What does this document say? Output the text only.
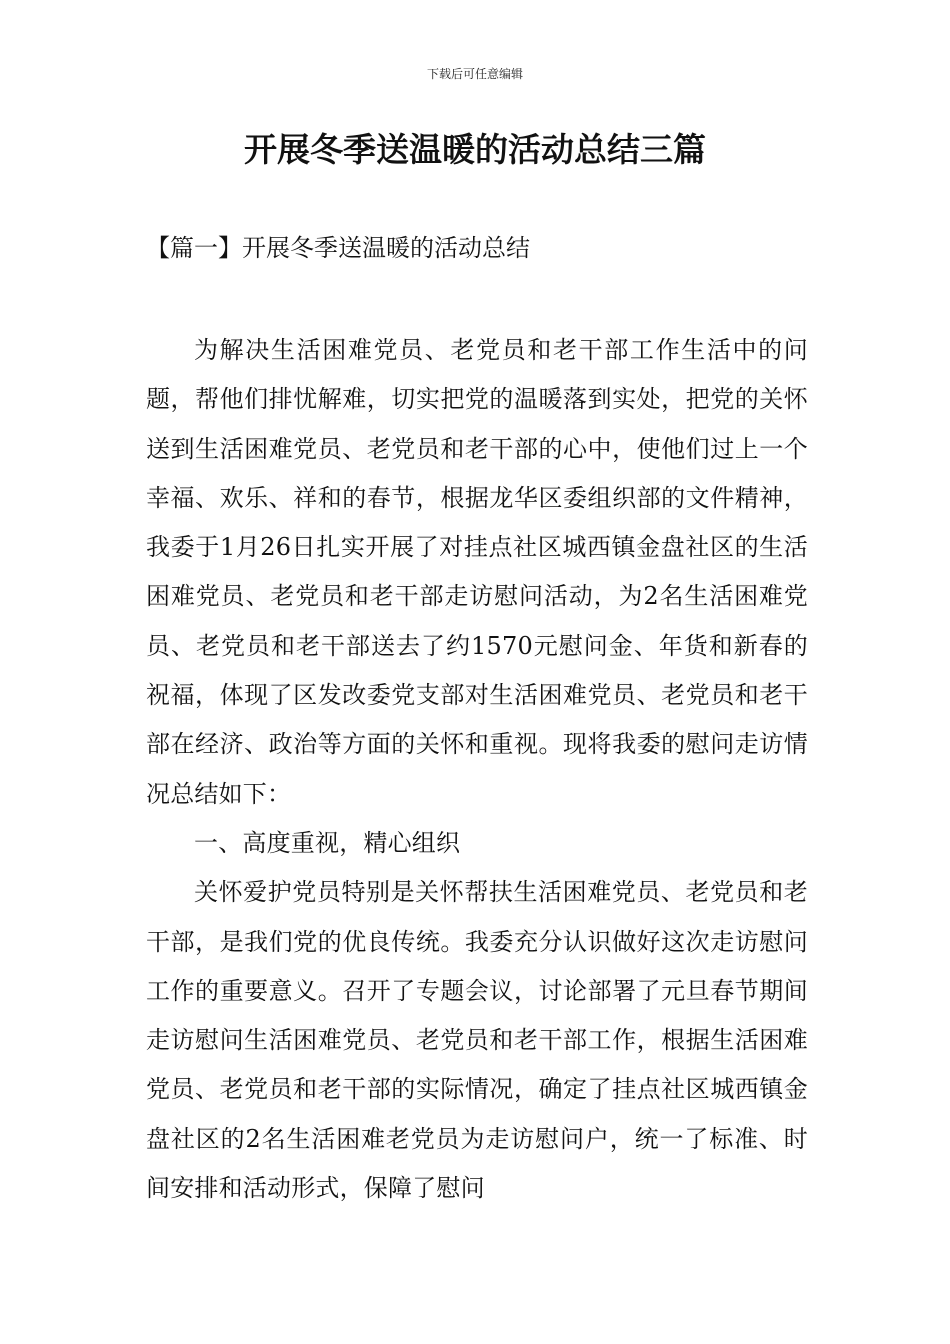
下载后可任意编辑
开展冬季送温暖的活动总结三篇
【篇一】开展冬季送温暖的活动总结

为解决生活困难党员、老党员和老干部工作生活中的问题，帮他们排忧解难，切实把党的温暖落到实处，把党的关怀送到生活困难党员、老党员和老干部的心中，使他们过上一个幸福、欢乐、祥和的春节，根据龙华区委组织部的文件精神，我委于1月26日扎实开展了对挂点社区城西镇金盘社区的生活困难党员、老党员和老干部走访慰问活动，为2名生活困难党员、老党员和老干部送去了约1570元慰问金、年货和新春的祝福，体现了区发改委党支部对生活困难党员、老党员和老干部在经济、政治等方面的关怀和重视。现将我委的慰问走访情况总结如下：

一、高度重视，精心组织

关怀爱护党员特别是关怀帮扶生活困难党员、老党员和老干部，是我们党的优良传统。我委充分认识做好这次走访慰问工作的重要意义。召开了专题会议，讨论部署了元旦春节期间走访慰问生活困难党员、老党员和老干部工作，根据生活困难党员、老党员和老干部的实际情况，确定了挂点社区城西镇金盘社区的2名生活困难老党员为走访慰问户，统一了标准、时间安排和活动形式，保障了慰问
